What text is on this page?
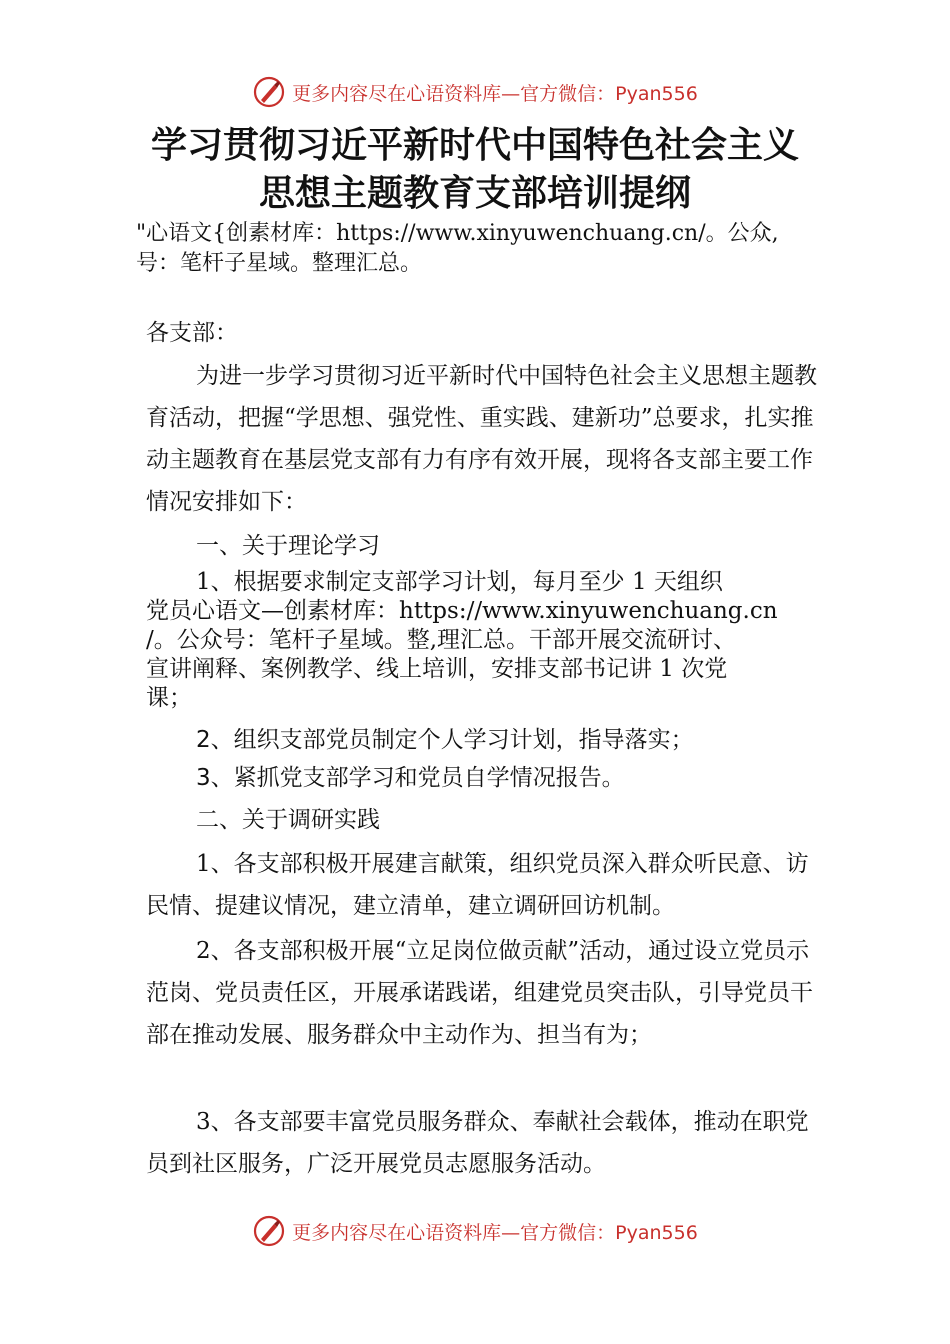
更多内容尽在心语资料库—官方微信：Pyan556
学习贯彻习近平新时代中国特色社会主义
思想主题教育支部培训提纲
"心语文{创素材库：https://www.xinyuwenchuang.cn/。公众,
号：笔杆子星域。整理汇总。

各支部：

为进一步学习贯彻习近平新时代中国特色社会主义思想主题教育活动，把握“学思想、强党性、重实践、建新功”总要求，扎实推动主题教育在基层党支部有力有序有效开展，现将各支部主要工作情况安排如下：

一、关于理论学习

1、根据要求制定支部学习计划，每月至少 1 天组织
党员心语文—创素材库：https://www.xinyuwenchuang.cn
/。公众号：笔杆子星域。整,理汇总。干部开展交流研讨、
宣讲阐释、案例教学、线上培训，安排支部书记讲 1 次党
课；

2、组织支部党员制定个人学习计划，指导落实；

3、紧抓党支部学习和党员自学情况报告。

二、关于调研实践

1、各支部积极开展建言献策，组织党员深入群众听民意、访民情、提建议情况，建立清单，建立调研回访机制。

2、各支部积极开展“立足岗位做贡献”活动，通过设立党员示范岗、党员责任区，开展承诺践诺，组建党员突击队，引导党员干部在推动发展、服务群众中主动作为、担当有为；

3、各支部要丰富党员服务群众、奉献社会载体，推动在职党员到社区服务，广泛开展党员志愿服务活动。

更多内容尽在心语资料库—官方微信：Pyan556
